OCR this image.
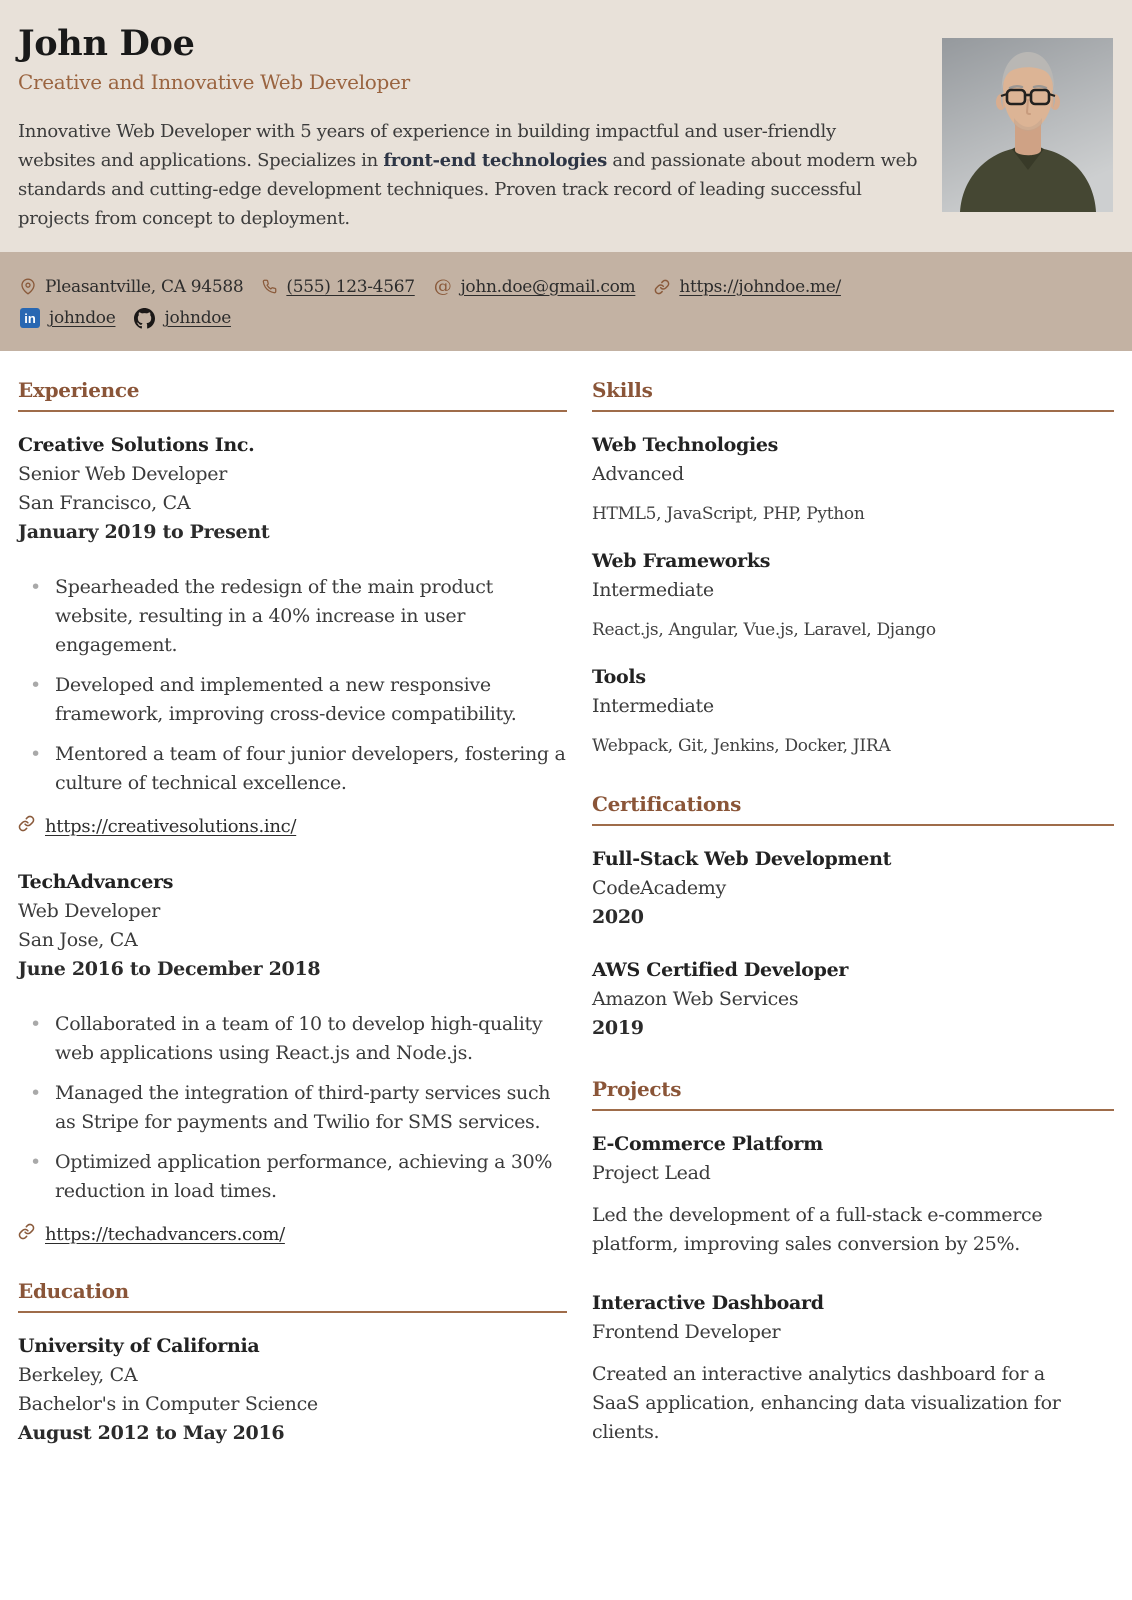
John Doe
Creative and Innovative Web Developer

Innovative Web Developer with 5 years of experience in building impactful and user-friendly websites and applications. Specializes in front-end technologies and passionate about modern web standards and cutting-edge development techniques. Proven track record of leading successful projects from concept to deployment.

Pleasantville, CA 94588	(555) 123-4567 @ john.doe@gmail.com	https://johndoe.me/
in johndoe	johndoe
Experience
Creative Solutions Inc.
Senior Web Developer
San Francisco, CA
January 2019 to Present
• Spearheaded the redesign of the main product website, resulting in a 40% increase in user engagement.
• Developed and implemented a new responsive framework, improving cross-device compatibility.
• Mentored a team of four junior developers, fostering a culture of technical excellence.
https://creativesolutions.inc/
TechAdvancers
Web Developer
San Jose, CA
June 2016 to December 2018
• Collaborated in a team of 10 to develop high-quality web applications using React.js and Node.js.
• Managed the integration of third-party services such as Stripe for payments and Twilio for SMS services.
• Optimized application performance, achieving a 30% reduction in load times.
https://techadvancers.com/
Education
University of California
Berkeley, CA
Bachelor's in Computer Science
August 2012 to May 2016
Skills
Web Technologies
Advanced
HTML5, JavaScript, PHP, Python
Web Frameworks
Intermediate
React.js, Angular, Vue.js, Laravel, Django
Tools
Intermediate
Webpack, Git, Jenkins, Docker, JIRA
Certifications
Full-Stack Web Development
CodeAcademy
2020
AWS Certified Developer
Amazon Web Services
2019
Projects
E-Commerce Platform
Project Lead

Led the development of a full-stack e-commerce platform, improving sales conversion by 25%.

Interactive Dashboard
Frontend Developer

Created an interactive analytics dashboard for a SaaS application, enhancing data visualization for clients.
